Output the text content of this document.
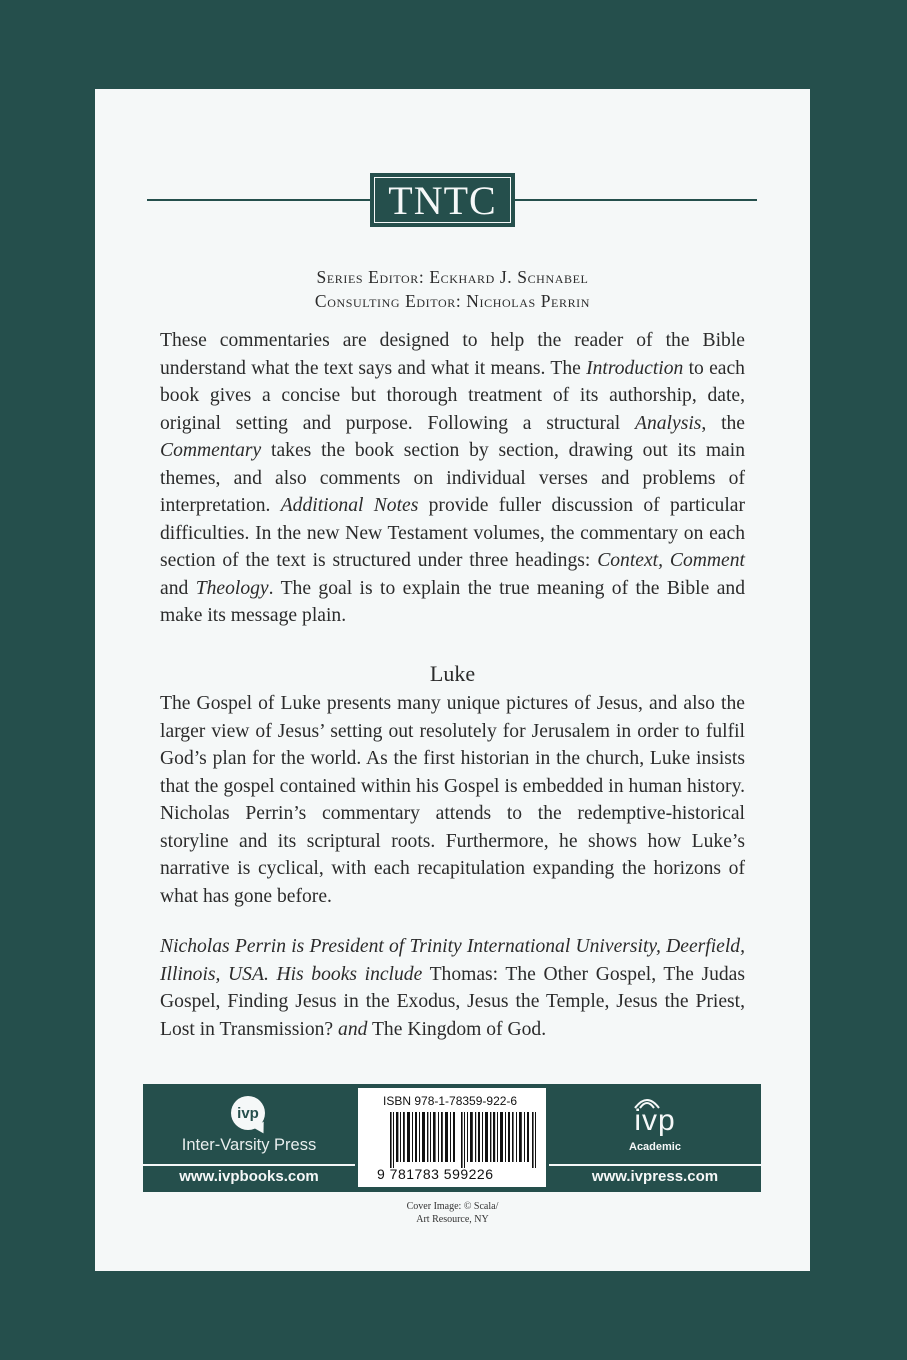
TNTC
Series Editor: Eckhard J. Schnabel
Consulting Editor: Nicholas Perrin
These commentaries are designed to help the reader of the Bible understand what the text says and what it means. The Introduction to each book gives a concise but thorough treatment of its authorship, date, original setting and purpose. Following a structural Analysis, the Commentary takes the book section by section, drawing out its main themes, and also comments on individual verses and problems of interpretation. Additional Notes provide fuller discussion of particular difficulties. In the new New Testament volumes, the commentary on each section of the text is structured under three headings: Context, Comment and Theology. The goal is to explain the true meaning of the Bible and make its message plain.
Luke
The Gospel of Luke presents many unique pictures of Jesus, and also the larger view of Jesus’ setting out resolutely for Jerusalem in order to fulfil God’s plan for the world. As the first historian in the church, Luke insists that the gospel contained within his Gospel is embedded in human history. Nicholas Perrin’s commentary attends to the redemptive-historical storyline and its scriptural roots. Furthermore, he shows how Luke’s narrative is cyclical, with each recapitulation expanding the horizons of what has gone before.
Nicholas Perrin is President of Trinity International University, Deerfield, Illinois, USA. His books include Thomas: The Other Gospel, The Judas Gospel, Finding Jesus in the Exodus, Jesus the Temple, Jesus the Priest, Lost in Transmission? and The Kingdom of God.
ivp
Inter-Varsity Press
www.ivpbooks.com
ISBN 978-1-78359-922-6
9 781783 599226
ivp
Academic
www.ivpress.com
Cover Image: © Scala/
Art Resource, NY
